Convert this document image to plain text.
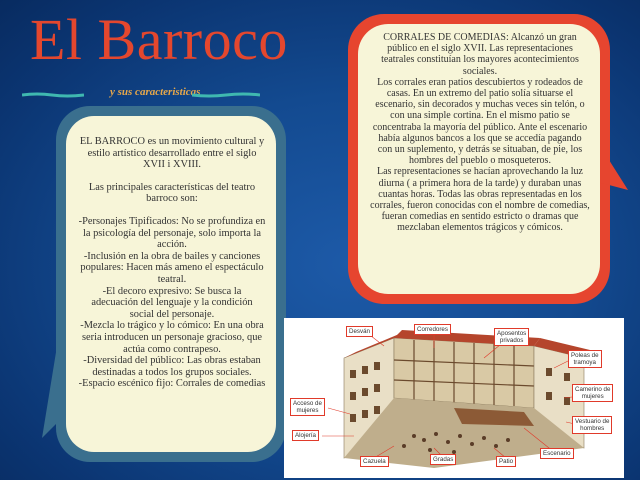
El Barroco
y sus caracteristicas

EL BARROCO es un movimiento cultural y estilo artístico desarrollado entre el siglo XVII i XVIII.

Las principales características del teatro barroco son:

-Personajes Tipificados: No se profundiza en la psicología del personaje, solo importa la acción.

-Inclusión en la obra de bailes y canciones populares: Hacen más ameno el espectáculo teatral.

-El decoro expresivo: Se busca la adecuación del lenguaje y la condición social del personaje.

-Mezcla lo trágico y lo cómico: En una obra seria introducen un personaje gracioso, que actúa como contrapeso.

-Diversidad del público: Las obras estaban destinadas a todos los grupos sociales.

-Espacio escénico fijo: Corrales de comedias

CORRALES DE COMEDIAS: Alcanzó un gran público en el siglo XVII. Las representaciones teatrales constituían los mayores acontecimientos sociales.

Los corrales eran patios descubiertos y rodeados de casas. En un extremo del patio solía situarse el escenario, sin decorados y muchas veces sin telón, o con una simple cortina. En el mismo patio se concentraba la mayoría del público. Ante el escenario había algunos bancos a los que se accedía pagando con un suplemento, y detrás se situaban, de pie, los hombres del pueblo o mosqueteros.

Las representaciones se hacían aprovechando la luz diurna ( a primera hora de la tarde) y duraban unas cuantas horas. Todas las obras representadas en los corrales, fueron conocidas con el nombre de comedias, fueran comedias en sentido estricto o dramas que mezclaban elementos trágicos y cómicos.

Desván	Corredores
Aposentos
privados
Poleas de
tramoya
Camerino de
mujeres
Vestuario de
hombres
Acceso de
mujeres
Alojería
Cazuela	Gradas	Patio
Escenario
